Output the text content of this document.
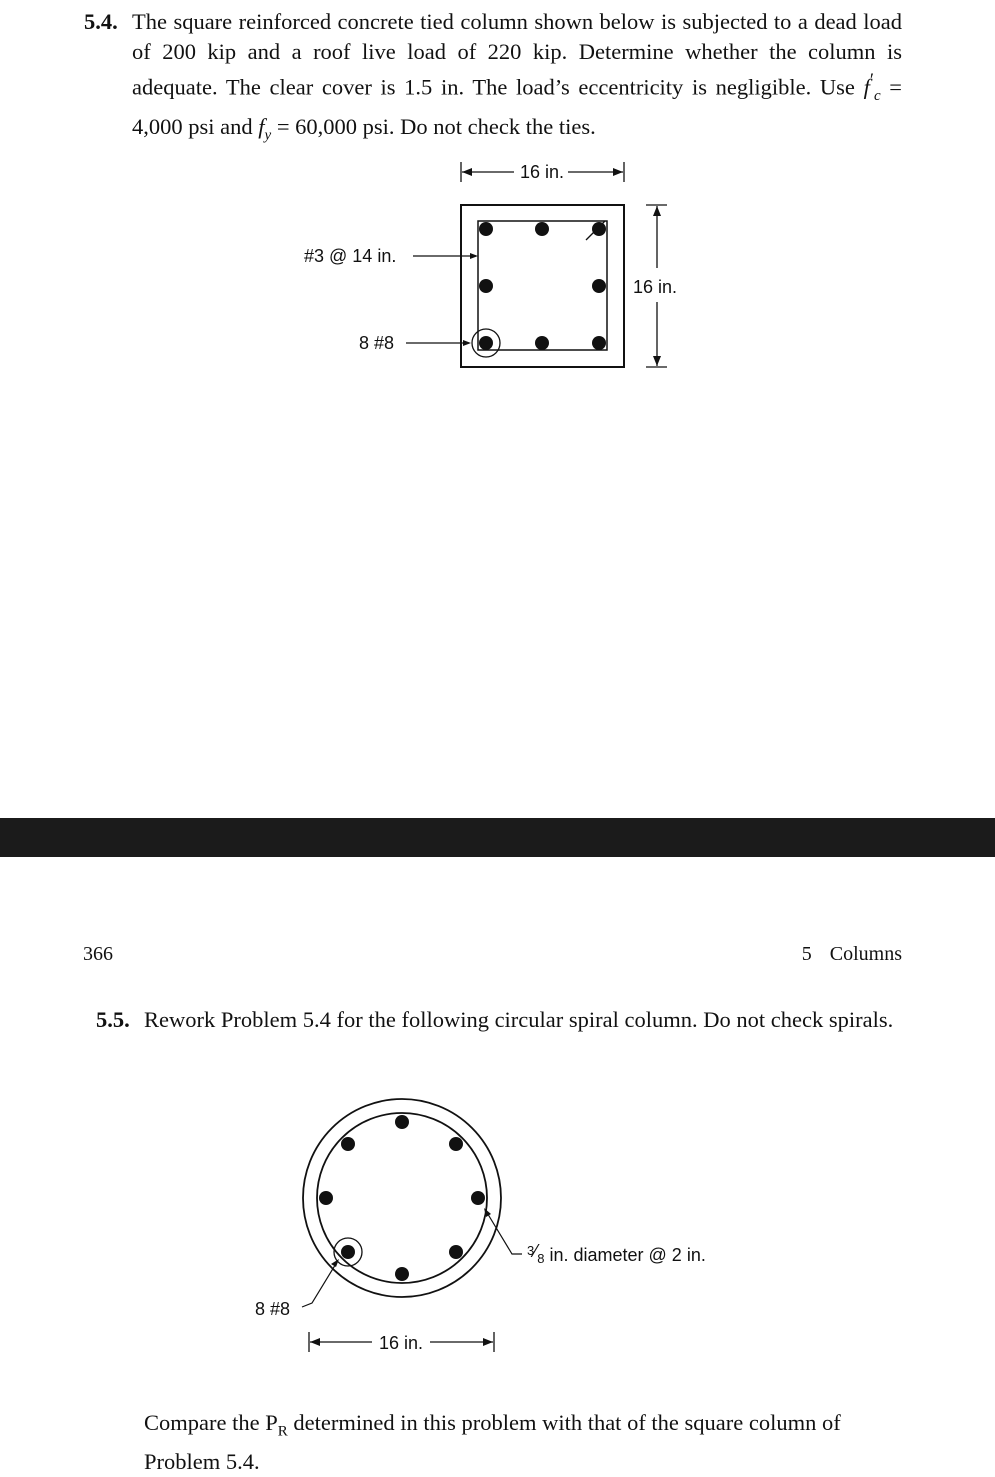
5.4. The square reinforced concrete tied column shown below is subjected to a dead load of 200 kip and a roof live load of 220 kip. Determine whether the column is adequate. The clear cover is 1.5 in. The load’s eccentricity is negligible. Use $f'_c = 4,000$ psi and $f_y = 60,000$ psi. Do not check the ties.
16 in.
16 in.
#3 @ 14 in.
8 #8
366	5 Columns
5.5. Rework Problem 5.4 for the following circular spiral column. Do not check spirals.
$^3⁄_8$ in. diameter @ 2 in.
8 #8
16 in.
Compare the $P_R$ determined in this problem with that of the square column of Problem 5.4.
